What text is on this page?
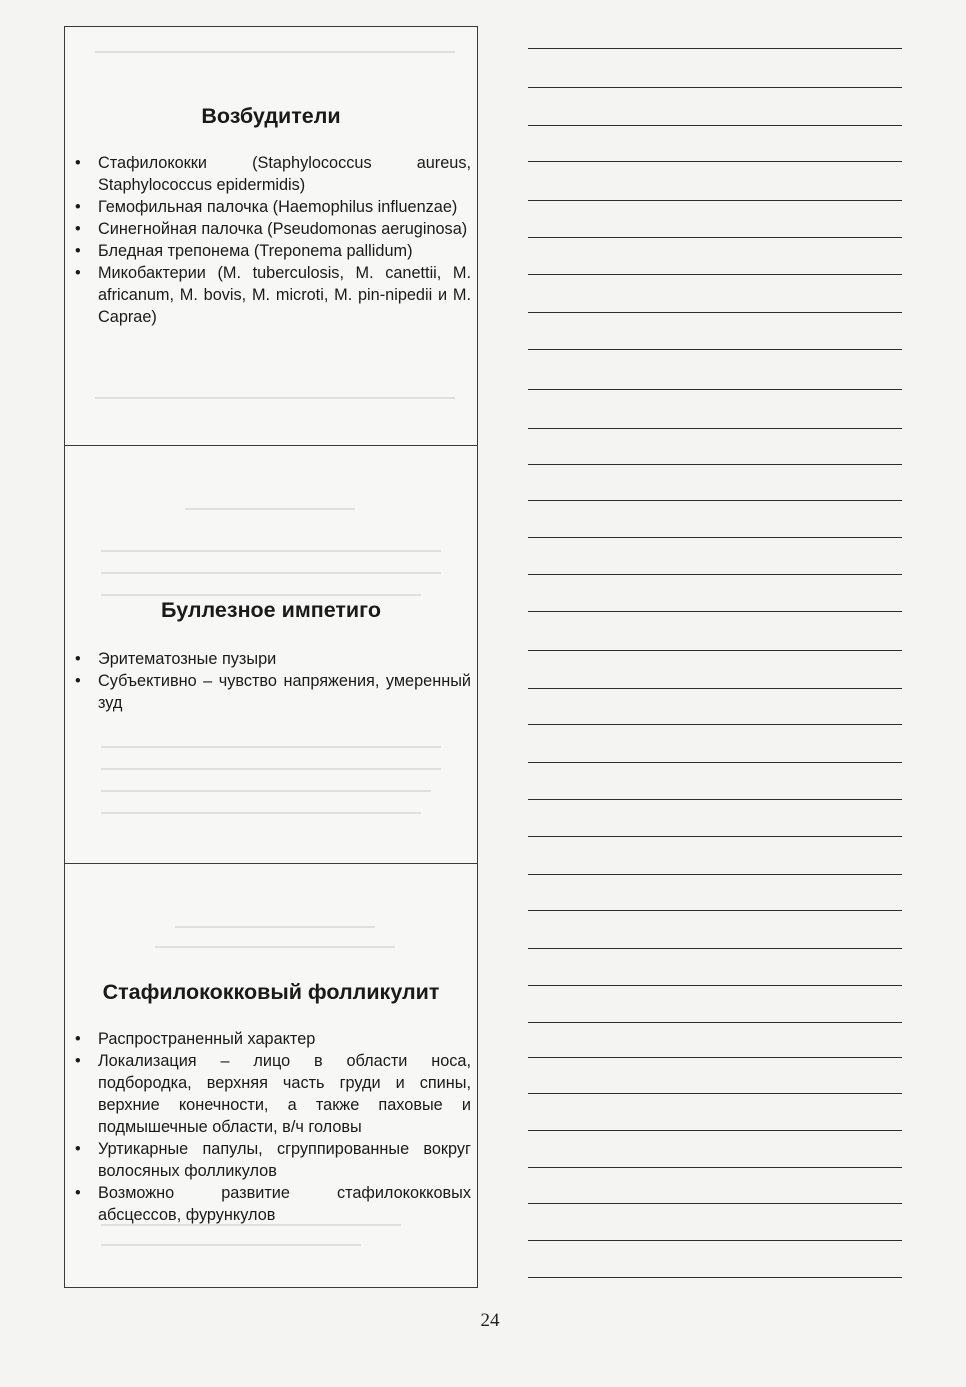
Возбудители
• Стафилококки (Staphylococcus aureus, Staphylococcus epidermidis)
• Гемофильная палочка (Haemophilus influenzae)
• Синегнойная палочка (Pseudomonas aeruginosa)
• Бледная трепонема (Treponema pallidum)
• Микобактерии (M. tuberculosis, M. canettii, M. africanum, M. bovis, M. microti, M. pin-nipedii и M. Caprae)
Буллезное импетиго
• Эритематозные пузыри
• Субъективно – чувство напряжения, умеренный зуд
Стафилококковый фолликулит
• Распространенный характер
• Локализация – лицо в области носа, подбородка, верхняя часть груди и спины, верхние конечности, а также паховые и подмышечные области, в/ч головы
• Уртикарные папулы, сгруппированные вокруг волосяных фолликулов
• Возможно развитие стафилококковых абсцессов, фурункулов
24
